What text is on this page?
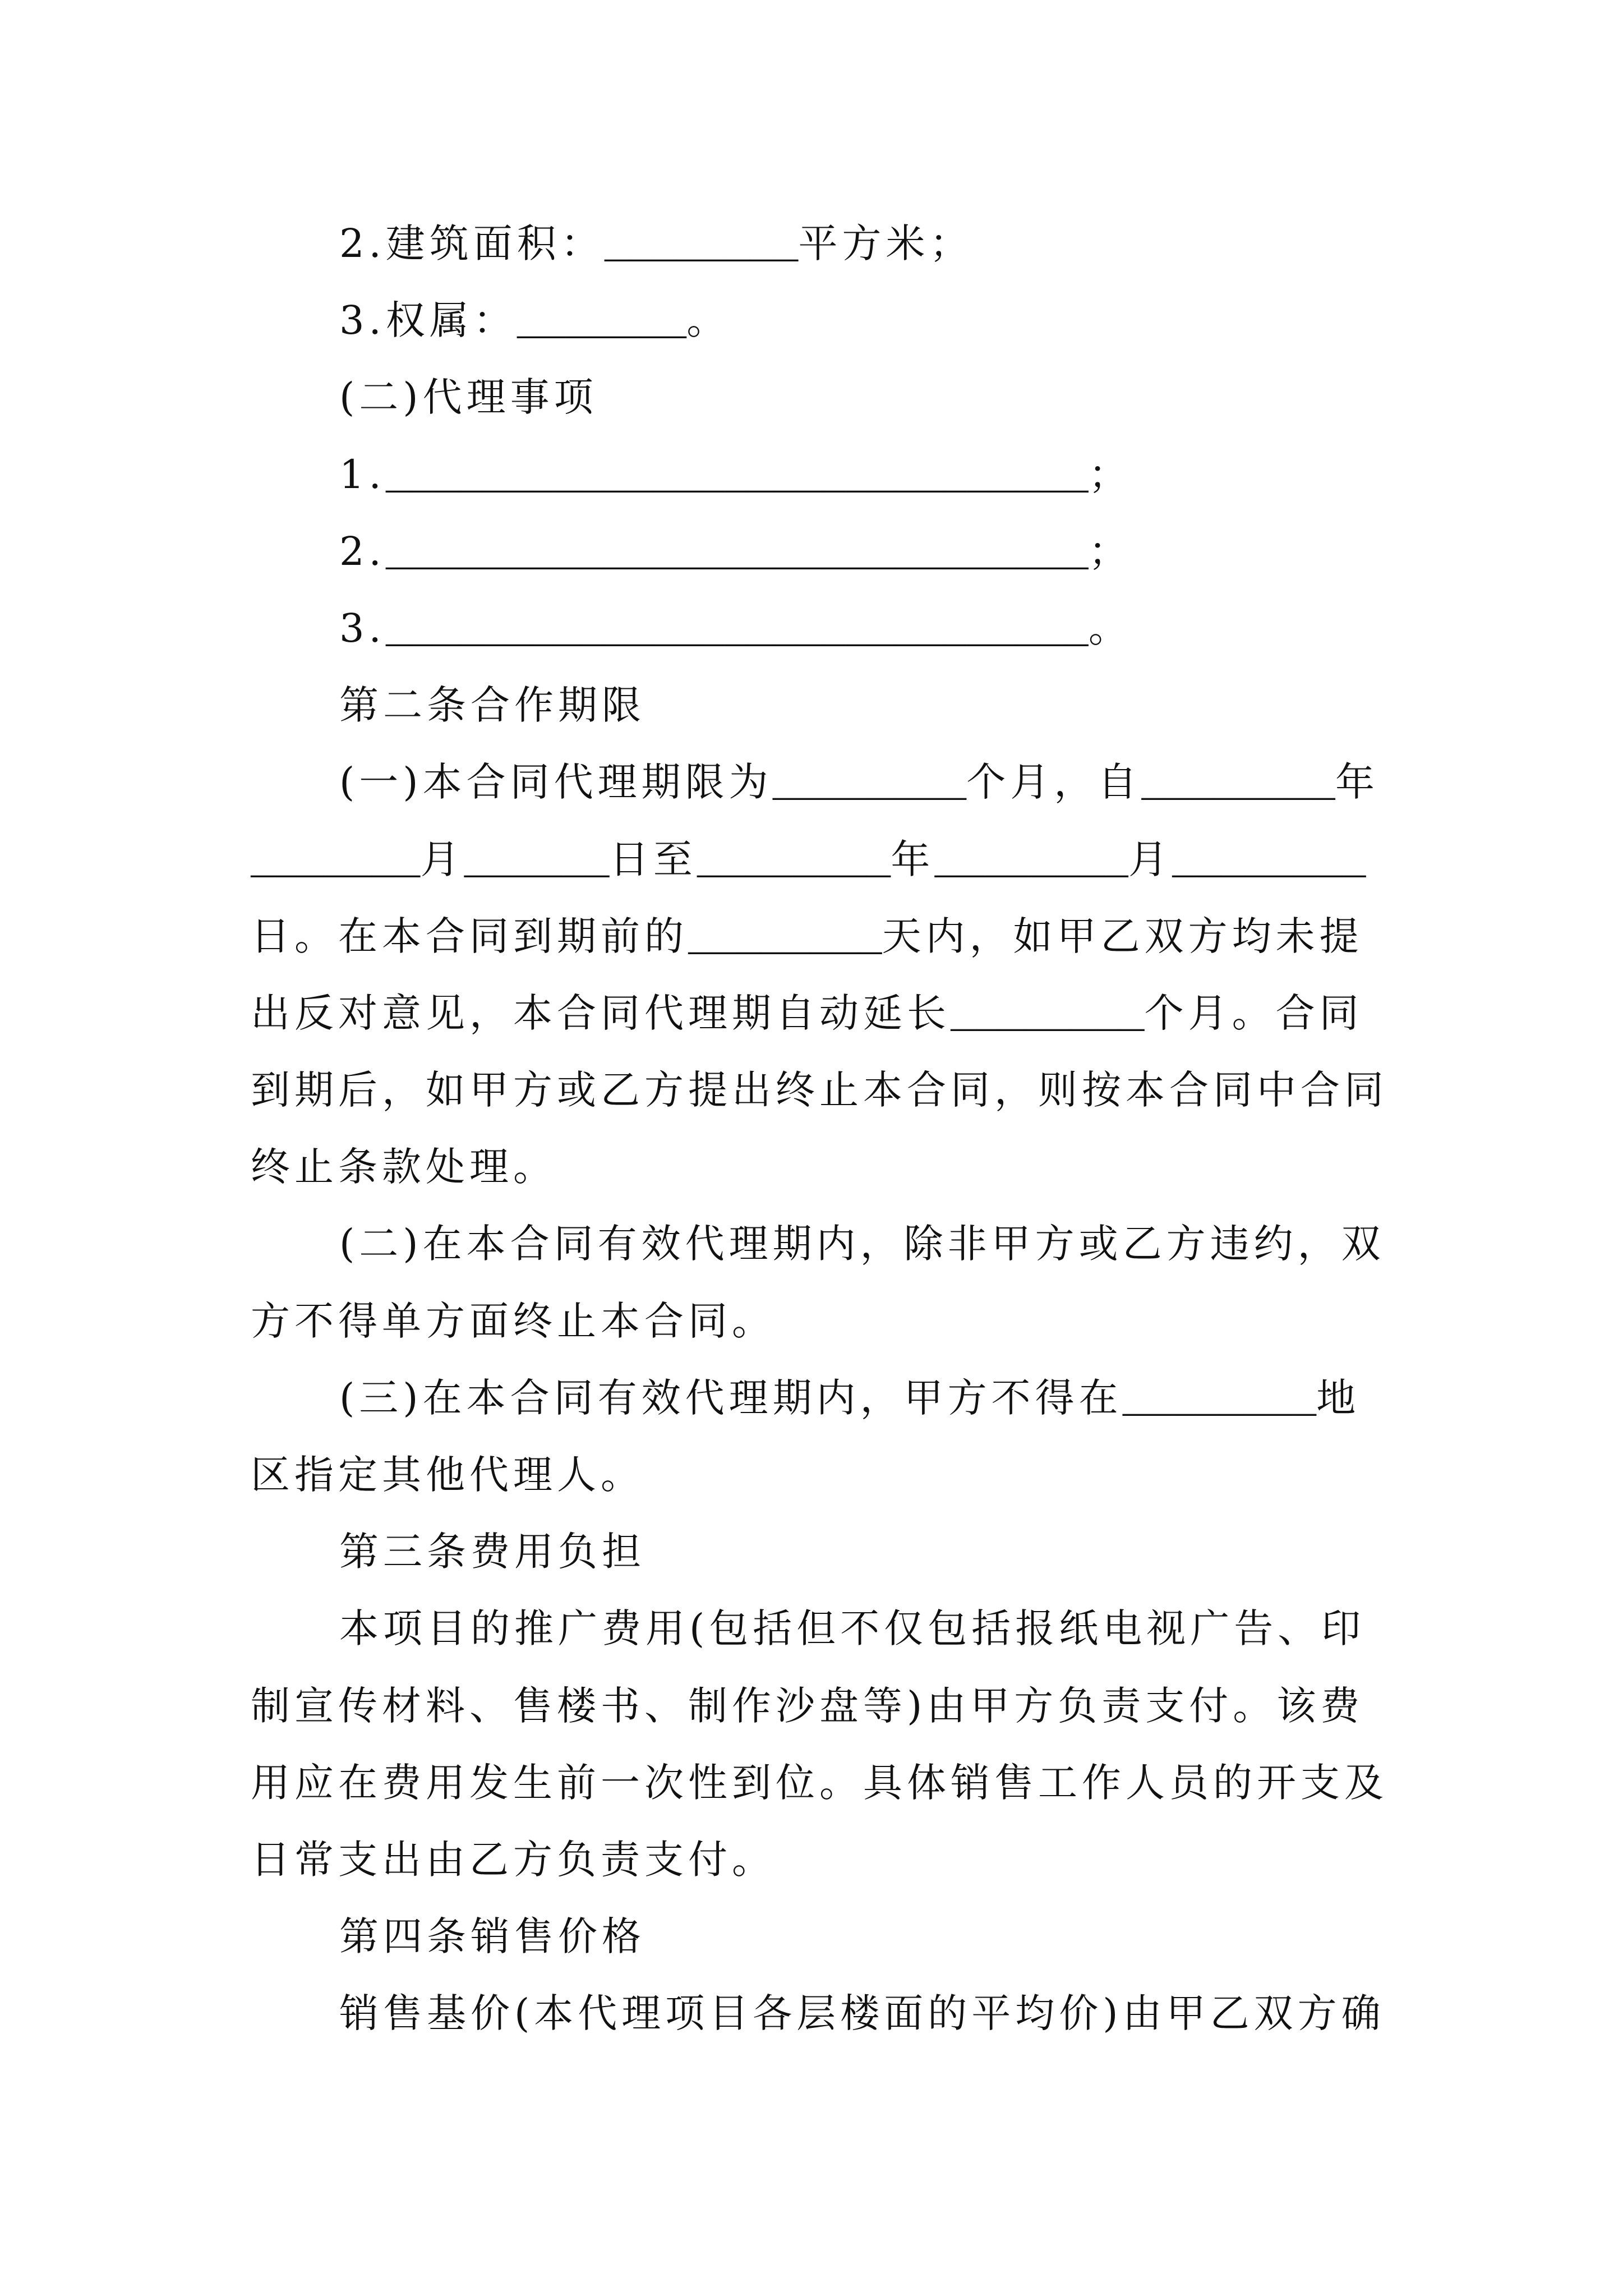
2.建筑面积：________平方米；
3.权属：_______。
(二)代理事项
1._____________________________；
2._____________________________；
3._____________________________。
第二条合作期限
(一)本合同代理期限为________个月，自________年
_______月______日至________年________月________
日。在本合同到期前的________天内，如甲乙双方均未提
出反对意见，本合同代理期自动延长________个月。合同
到期后，如甲方或乙方提出终止本合同，则按本合同中合同
终止条款处理。
(二)在本合同有效代理期内，除非甲方或乙方违约，双
方不得单方面终止本合同。
(三)在本合同有效代理期内，甲方不得在________地
区指定其他代理人。
第三条费用负担
本项目的推广费用(包括但不仅包括报纸电视广告、印
制宣传材料、售楼书、制作沙盘等)由甲方负责支付。该费
用应在费用发生前一次性到位。具体销售工作人员的开支及
日常支出由乙方负责支付。
第四条销售价格
销售基价(本代理项目各层楼面的平均价)由甲乙双方确
